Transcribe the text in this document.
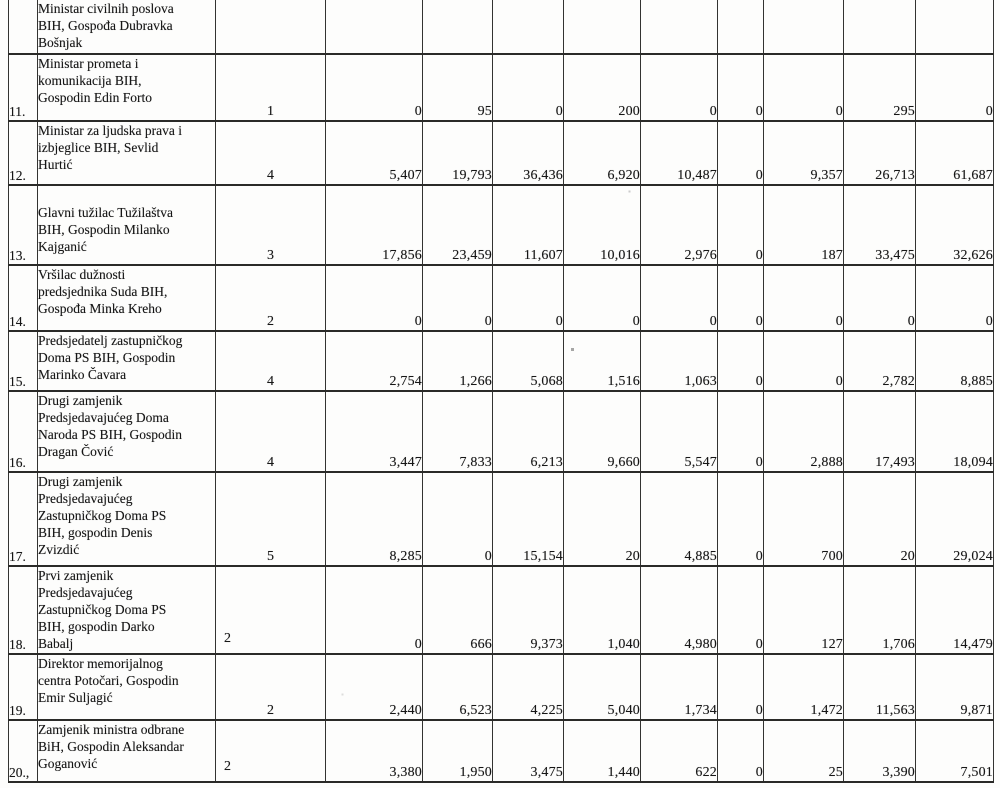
	Ministar civilnih poslova
BIH, Gospođa Dubravka
Bošnjak										

11.	Ministar prometa i
komunikacija BIH,
Gospodin Edin Forto	1	0	95	0	200	0	0	0	295	0
12.	Ministar za ljudska prava i
izbjeglice BIH, Sevlid
Hurtić	4	5,407	19,793	36,436	6,920	10,487	0	9,357	26,713	61,687
13.	Glavni tužilac Tužilaštva
BIH, Gospodin Milanko
Kajganić	3	17,856	23,459	11,607	10,016	2,976	0	187	33,475	32,626
14.	Vršilac dužnosti
predsjednika Suda BIH,
Gospođa Minka Kreho	2	0	0	0	0	0	0	0	0	0
15.	Predsjedatelj zastupničkog
Doma PS BIH, Gospodin
Marinko Čavara	4	2,754	1,266	5,068	1,516	1,063	0	0	2,782	8,885
16.	Drugi zamjenik
Predsjedavajućeg Doma
Naroda PS BIH, Gospodin
Dragan Čović	4	3,447	7,833	6,213	9,660	5,547	0	2,888	17,493	18,094
17.	Drugi zamjenik
Predsjedavajućeg
Zastupničkog Doma PS
BIH, gospodin Denis
Zvizdić	5	8,285	0	15,154	20	4,885	0	700	20	29,024
18.	Prvi zamjenik
Predsjedavajućeg
Zastupničkog Doma PS
BIH, gospodin Darko
Babalj	2	0	666	9,373	1,040	4,980	0	127	1,706	14,479
19.	Direktor memorijalnog
centra Potočari, Gospodin
Emir Suljagić	2	2,440	6,523	4,225	5,040	1,734	0	1,472	11,563	9,871
20.,	Zamjenik ministra odbrane
BiH, Gospodin Aleksandar
Goganović	2	3,380	1,950	3,475	1,440	622	0	25	3,390	7,501
